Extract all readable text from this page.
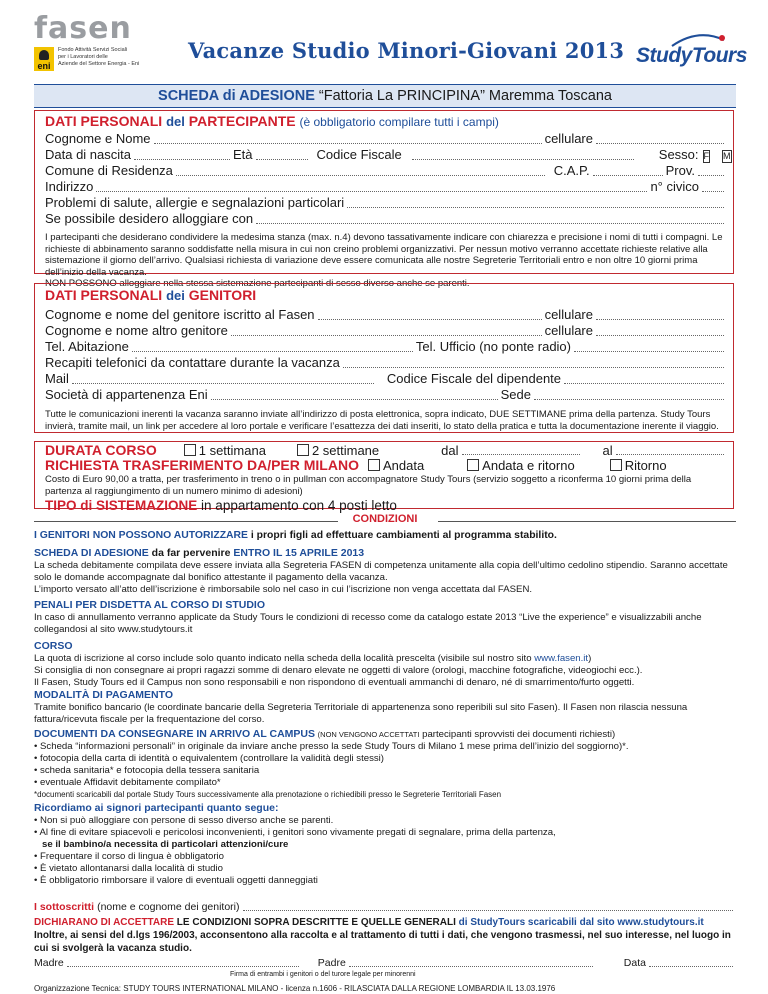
fasen
eni
Fondo Attività Servizi Sociali
per i Lavoratori delle
Aziende del Settore Energia - Eni
Vacanze Studio Minori-Giovani 2013 StudyTours
SCHEDA di ADESIONE “Fattoria La PRINCIPINA” Maremma Toscana
DATI PERSONALI del PARTECIPANTE (è obbligatorio compilare tutti i campi)
Cognome e Nome	cellulare
Data di nascita	Età	Codice Fiscale	Sesso: F M
Comune di Residenza	C.A.P.	Prov.
Indirizzo	n° civico
Problemi di salute, allergie e segnalazioni particolari
Se possibile desidero alloggiare con
I partecipanti che desiderano condividere la medesima stanza (max. n.4) devono tassativamente indicare con chiarezza e precisione i nomi di tutti i compagni. Le richieste di abbinamento saranno soddisfatte nella misura in cui non creino problemi organizzativi. Per nessun motivo verranno accettate richieste relative alla sistemazione il giorno dell’arrivo. Qualsiasi richiesta di variazione deve essere comunicata alle nostre Segreterie Territoriali entro e non oltre 10 giorni prima dell’inizio della vacanza.
NON POSSONO alloggiare nella stessa sistemazione partecipanti di sesso diverso anche se parenti.
DATI PERSONALI dei GENITORI
Cognome e nome del genitore iscritto al Fasen	cellulare
Cognome e nome altro genitore	cellulare
Tel. Abitazione	Tel. Ufficio (no ponte radio)
Recapiti telefonici da contattare durante la vacanza
Mail	Codice Fiscale del dipendente
Società di appartenenza Eni	Sede
Tutte le comunicazioni inerenti la vacanza saranno inviate all’indirizzo di posta elettronica, sopra indicato, DUE SETTIMANE prima della partenza. Study Tours invierà, tramite mail, un link per accedere al loro portale e verificare l’esattezza dei dati inseriti, lo stato della pratica e tutta la documentazione inerente il viaggio.
DURATA CORSO	1 settimana	2 settimane	dal	al
RICHIESTA TRASFERIMENTO DA/PER MILANO	Andata	Andata e ritorno	Ritorno
Costo di Euro 90,00 a tratta, per trasferimento in treno o in pullman con accompagnatore Study Tours (servizio soggetto a riconferma 10 giorni prima della partenza al raggiungimento di un numero minimo di adesioni)
TIPO di SISTEMAZIONE in appartamento con 4 posti letto
CONDIZIONI
I GENITORI NON POSSONO AUTORIZZARE i propri figli ad effettuare cambiamenti al programma stabilito.
SCHEDA DI ADESIONE da far pervenire ENTRO IL 15 APRILE 2013
La scheda debitamente compilata deve essere inviata alla Segreteria FASEN di competenza unitamente alla copia dell’ultimo cedolino stipendio. Saranno accettate solo le domande accompagnate dal bonifico attestante il pagamento della vacanza.
L’importo versato all’atto dell’iscrizione è rimborsabile solo nel caso in cui l’iscrizione non venga accettata dal FASEN.
PENALI PER DISDETTA AL CORSO DI STUDIO
In caso di annullamento verranno applicate da Study Tours le condizioni di recesso come da catalogo estate 2013 “Live the experience” e visualizzabili anche collegandosi al sito www.studytours.it
CORSO
La quota di iscrizione al corso include solo quanto indicato nella scheda della località prescelta (visibile sul nostro sito www.fasen.it)
Si consiglia di non consegnare ai propri ragazzi somme di denaro elevate ne oggetti di valore (orologi, macchine fotografiche, videogiochi ecc.).
Il Fasen, Study Tours ed il Campus non sono responsabili e non rispondono di eventuali ammanchi di denaro, né di smarrimento/furto oggetti.
MODALITÀ DI PAGAMENTO
Tramite bonifico bancario (le coordinate bancarie della Segreteria Territoriale di appartenenza sono reperibili sul sito Fasen). Il Fasen non rilascia nessuna fattura/ricevuta fiscale per la frequentazione del corso.
DOCUMENTI DA CONSEGNARE IN ARRIVO AL CAMPUS (NON VENGONO ACCETTATI partecipanti sprovvisti dei documenti richiesti)
• Scheda “informazioni personali” in originale da inviare anche presso la sede Study Tours di Milano 1 mese prima dell’inizio del soggiorno)*.
• fotocopia della carta di identità o equivalentem (controllare la validità degli stessi)
• scheda sanitaria* e fotocopia della tessera sanitaria
• eventuale Affidavit debitamente compilato*
*documenti scaricabili dal portale Study Tours successivamente alla prenotazione o richiedibili presso le Segreterie Territoriali Fasen
Ricordiamo ai signori partecipanti quanto segue:
• Non si può alloggiare con persone di sesso diverso anche se parenti.
• Al fine di evitare spiacevoli e pericolosi inconvenienti, i genitori sono vivamente pregati di segnalare, prima della partenza,
se il bambino/a necessita di particolari attenzioni/cure
• Frequentare il corso di lingua è obbligatorio
• È vietato allontanarsi dalla località di studio
• È obbligatorio rimborsare il valore di eventuali oggetti danneggiati
I sottoscritti (nome e cognome dei genitori)
DICHIARANO DI ACCETTARE LE CONDIZIONI SOPRA DESCRITTE E QUELLE GENERALI di StudyTours scaricabili dal sito www.studytours.it Inoltre, ai sensi del d.lgs 196/2003, acconsentono alla raccolta e al trattamento di tutti i dati, che vengono trasmessi, nel suo interesse, nel luogo in cui si svolgerà la vacanza studio.
Madre	Padre	Data
Firma di entrambi i genitori o del turore legale per minorenni
Organizzazione Tecnica: STUDY TOURS INTERNATIONAL MILANO - licenza n.1606 - RILASCIATA DALLA REGIONE LOMBARDIA IL 13.03.1976
